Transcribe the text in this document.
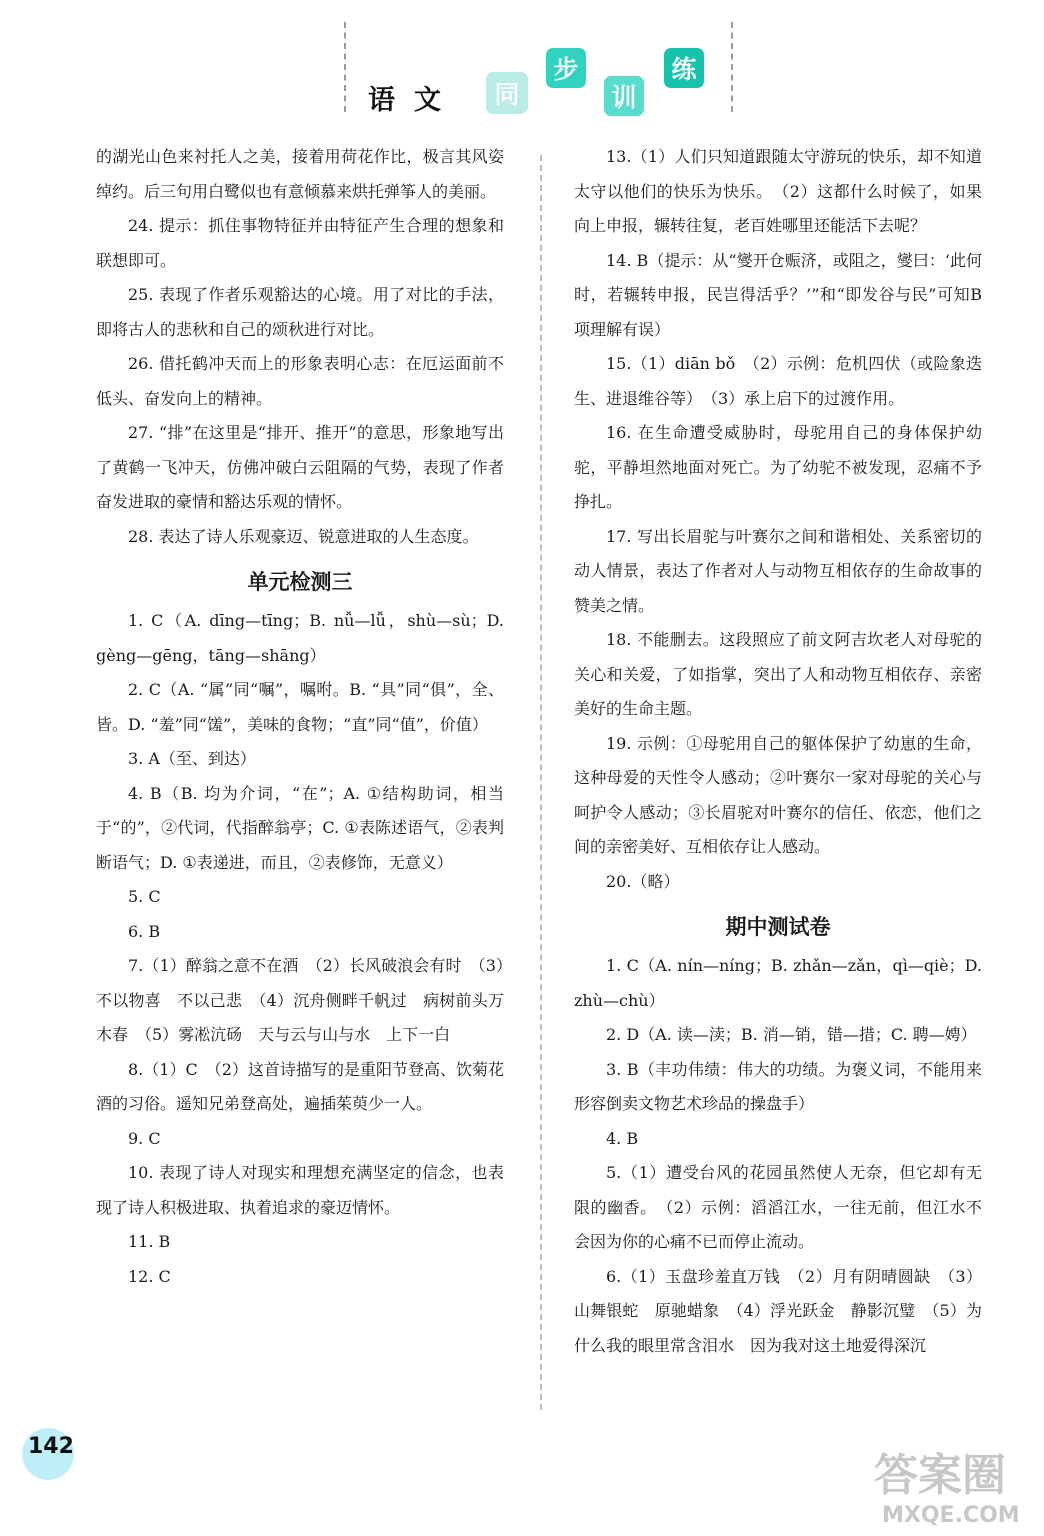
语 文	同
步
训
练

的湖光山色来衬托人之美，接着用荷花作比，极言其风姿绰约。后三句用白鹭似也有意倾慕来烘托弹筝人的美丽。

24. 提示：抓住事物特征并由特征产生合理的想象和联想即可。

25. 表现了作者乐观豁达的心境。用了对比的手法，即将古人的悲秋和自己的颂秋进行对比。

26. 借托鹤冲天而上的形象表明心志：在厄运面前不低头、奋发向上的精神。

27. “排”在这里是“排开、推开”的意思，形象地写出了黄鹤一飞冲天，仿佛冲破白云阻隔的气势，表现了作者奋发进取的豪情和豁达乐观的情怀。

28. 表达了诗人乐观豪迈、锐意进取的人生态度。

单元检测三

1. C（A. dīng—tīng；B. nǚ—lǚ，shù—sù；D. gèng—gēng，tāng—shāng）

2. C（A. “属”同“嘱”，嘱咐。B. “具”同“俱”，全、皆。D. “羞”同“馐”，美味的食物；“直”同“值”，价值）

3. A（至、到达）

4. B（B. 均为介词，“在”；A. ①结构助词，相当于“的”，②代词，代指醉翁亭；C. ①表陈述语气，②表判断语气；D. ①表递进，而且，②表修饰，无意义）

5. C

6. B

7.（1）醉翁之意不在酒　（2）长风破浪会有时　（3）不以物喜　不以己悲　（4）沉舟侧畔千帆过　病树前头万木春　（5）雾凇沆砀　天与云与山与水　上下一白

8.（1）C　（2）这首诗描写的是重阳节登高、饮菊花酒的习俗。遥知兄弟登高处，遍插茱萸少一人。

9. C

10. 表现了诗人对现实和理想充满坚定的信念，也表现了诗人积极进取、执着追求的豪迈情怀。

11. B

12. C

13.（1）人们只知道跟随太守游玩的快乐，却不知道太守以他们的快乐为快乐。　（2）这都什么时候了，如果向上申报，辗转往复，老百姓哪里还能活下去呢？

14. B（提示：从“燮开仓赈济，或阻之，燮曰：‘此何时，若辗转申报，民岂得活乎？’”和“即发谷与民”可知B项理解有误）

15.（1）diān bǒ　（2）示例：危机四伏（或险象迭生、进退维谷等）　（3）承上启下的过渡作用。

16. 在生命遭受威胁时，母驼用自己的身体保护幼驼，平静坦然地面对死亡。为了幼驼不被发现，忍痛不予挣扎。

17. 写出长眉驼与叶赛尔之间和谐相处、关系密切的动人情景，表达了作者对人与动物互相依存的生命故事的赞美之情。

18. 不能删去。这段照应了前文阿吉坎老人对母驼的关心和关爱，了如指掌，突出了人和动物互相依存、亲密美好的生命主题。

19. 示例：①母驼用自己的躯体保护了幼崽的生命，这种母爱的天性令人感动；②叶赛尔一家对母驼的关心与呵护令人感动；③长眉驼对叶赛尔的信任、依恋，他们之间的亲密美好、互相依存让人感动。

20.（略）

期中测试卷

1. C（A. nín—níng；B. zhǎn—zǎn，qì—qiè；D. zhù—chù）

2. D（A. 读—渎；B. 消—销，错—措；C. 聘—娉）

3. B（丰功伟绩：伟大的功绩。为褒义词，不能用来形容倒卖文物艺术珍品的操盘手）

4. B

5.（1）遭受台风的花园虽然使人无奈，但它却有无限的幽香。　（2）示例：滔滔江水，一往无前，但江水不会因为你的心痛不已而停止流动。

6.（1）玉盘珍羞直万钱　（2）月有阴晴圆缺　（3）山舞银蛇　原驰蜡象　（4）浮光跃金　静影沉璧　（5）为什么我的眼里常含泪水　因为我对这土地爱得深沉

142
答案圈
MXQE.COM
